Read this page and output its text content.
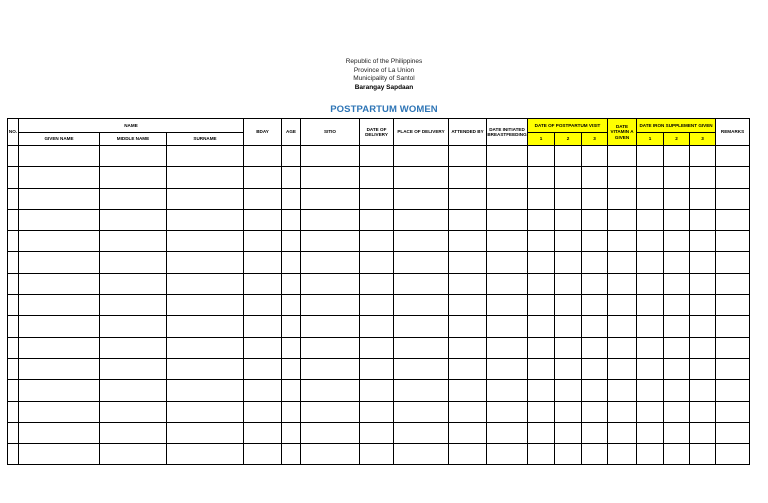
Republic of the Philippines
Province of La Union
Municipality of Santol
Barangay Sapdaan
POSTPARTUM WOMEN
NO.	NAME			BDAY	AGE	SITIO	DATE OF DELIVERY	PLACE OF DELIVERY	ATTENDED BY	DATE INITIATED BREASTFEEDING	DATE OF POSTPARTUM VISIT			DATE VITAMIN A GIVEN	DATE IRON SUPPLEMENT GIVEN			REMARKS
	GIVEN NAME	MIDDLE NAME	SURNAME								1	2	3		1	2	3	
